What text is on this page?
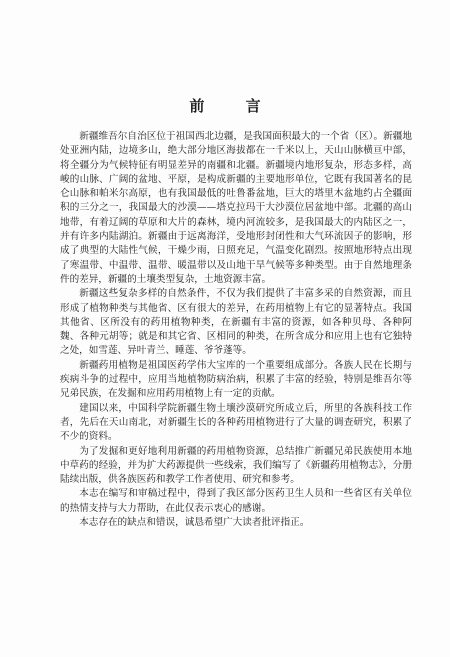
前 言

新疆维吾尔自治区位于祖国西北边疆，是我国面积最大的一个省（区）。新疆地处亚洲内陆，边境多山，绝大部分地区海拔都在一千米以上，天山山脉横亘中部，将全疆分为气候特征有明显差异的南疆和北疆。新疆境内地形复杂，形态多样，高峻的山脉、广阔的盆地、平原，是构成新疆的主要地形单位，它既有我国著名的昆仑山脉和帕米尔高原，也有我国最低的吐鲁番盆地，巨大的塔里木盆地约占全疆面积的三分之一，我国最大的沙漠——塔克拉玛干大沙漠位居盆地中部。北疆的高山地带，有着辽阔的草原和大片的森林，境内河流较多，是我国最大的内陆区之一，并有许多内陆湖泊。新疆由于远离海洋，受地形封闭性和大气环流因子的影响，形成了典型的大陆性气候，干燥少雨，日照充足，气温变化剧烈。按照地形特点出现了寒温带、中温带、温带、暖温带以及山地干旱气候等多种类型。由于自然地理条件的差异，新疆的土壤类型复杂，土地资源丰富。

新疆这些复杂多样的自然条件，不仅为我们提供了丰富多采的自然资源，而且形成了植物种类与其他省、区有很大的差异，在药用植物上有它的显著特点。我国其他省、区所没有的药用植物种类，在新疆有丰富的资源，如各种贝母、各种阿魏、各种元胡等；就是和其它省、区相同的种类，在所含成分和应用上也有它独特之处，如雪莲、异叶青兰、睡莲、爷爷蓬等。

新疆药用植物是祖国医药学伟大宝库的一个重要组成部分。各族人民在长期与疾病斗争的过程中，应用当地植物防病治病，积累了丰富的经验，特别是维吾尔等兄弟民族，在发掘和应用药用植物上有一定的贡献。

建国以来，中国科学院新疆生物土壤沙漠研究所成立后，所里的各族科技工作者，先后在天山南北，对新疆生长的各种药用植物进行了大量的调查研究，积累了不少的资料。

为了发掘和更好地利用新疆的药用植物资源，总结推广新疆兄弟民族使用本地中草药的经验，并为扩大药源提供一些线索，我们编写了《新疆药用植物志》，分册陆续出版，供各族医药和教学工作者使用、研究和参考。

本志在编写和审稿过程中，得到了我区部分医药卫生人员和一些省区有关单位的热情支持与大力帮助，在此仅表示衷心的感谢。

本志存在的缺点和错误，诚恳希望广大读者批评指正。
